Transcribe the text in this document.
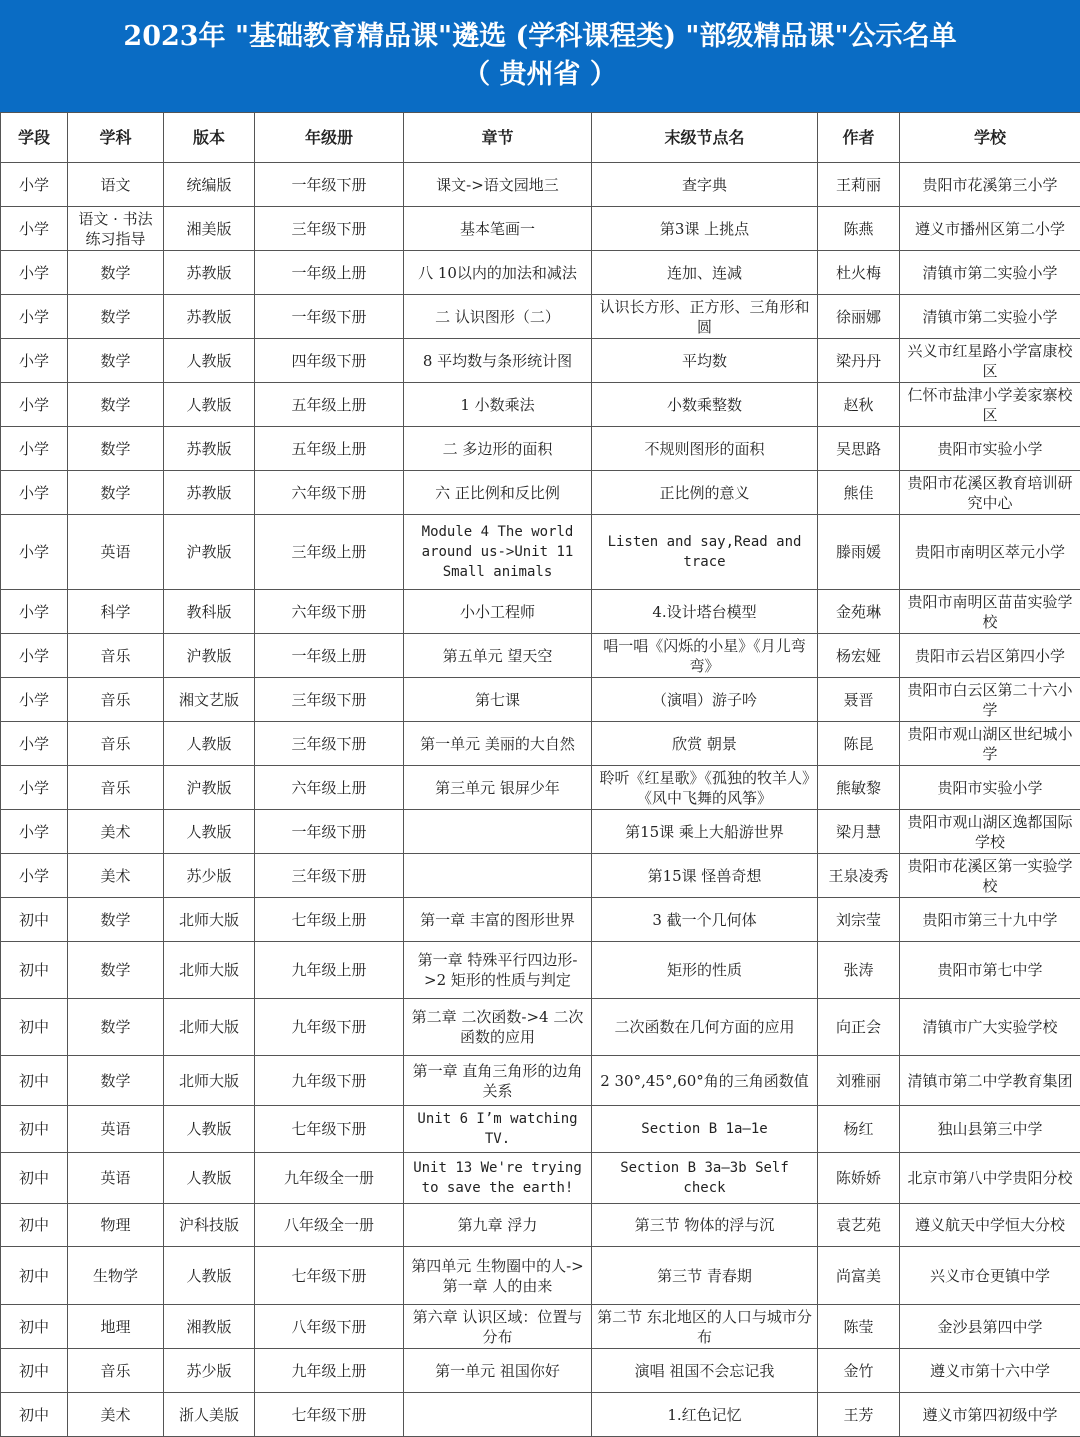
2023年 "基础教育精品课"遴选 (学科课程类) "部级精品课"公示名单
（ 贵州省 ）
学段	学科	版本	年级册	章节	末级节点名	作者	学校
小学	语文	统编版	一年级下册	课文->语文园地三	查字典	王莉丽	贵阳市花溪第三小学
小学	语文 · 书法练习指导	湘美版	三年级下册	基本笔画一	第3课 上挑点	陈燕	遵义市播州区第二小学
小学	数学	苏教版	一年级上册	八 10以内的加法和减法	连加、连减	杜火梅	清镇市第二实验小学
小学	数学	苏教版	一年级下册	二 认识图形（二）	认识长方形、正方形、三角形和圆	徐丽娜	清镇市第二实验小学
小学	数学	人教版	四年级下册	8 平均数与条形统计图	平均数	梁丹丹	兴义市红星路小学富康校区
小学	数学	人教版	五年级上册	1 小数乘法	小数乘整数	赵秋	仁怀市盐津小学姜家寨校区
小学	数学	苏教版	五年级上册	二 多边形的面积	不规则图形的面积	吴思路	贵阳市实验小学
小学	数学	苏教版	六年级下册	六 正比例和反比例	正比例的意义	熊佳	贵阳市花溪区教育培训研究中心
小学	英语	沪教版	三年级上册	Module 4 The world around us->Unit 11 Small animals	Listen and say,Read and trace	滕雨媛	贵阳市南明区萃元小学
小学	科学	教科版	六年级下册	小小工程师	4.设计塔台模型	金苑琳	贵阳市南明区苗苗实验学校
小学	音乐	沪教版	一年级上册	第五单元 望天空	唱一唱《闪烁的小星》《月儿弯弯》	杨宏娅	贵阳市云岩区第四小学
小学	音乐	湘文艺版	三年级下册	第七课	（演唱）游子吟	聂晋	贵阳市白云区第二十六小学
小学	音乐	人教版	三年级下册	第一单元 美丽的大自然	欣赏 朝景	陈昆	贵阳市观山湖区世纪城小学
小学	音乐	沪教版	六年级上册	第三单元 银屏少年	聆听《红星歌》《孤独的牧羊人》《风中飞舞的风筝》	熊敏黎	贵阳市实验小学
小学	美术	人教版	一年级下册		第15课 乘上大船游世界	梁月慧	贵阳市观山湖区逸都国际学校
小学	美术	苏少版	三年级下册		第15课 怪兽奇想	王泉凌秀	贵阳市花溪区第一实验学校
初中	数学	北师大版	七年级上册	第一章 丰富的图形世界	3 截一个几何体	刘宗莹	贵阳市第三十九中学
初中	数学	北师大版	九年级上册	第一章 特殊平行四边形->2 矩形的性质与判定	矩形的性质	张涛	贵阳市第七中学
初中	数学	北师大版	九年级下册	第二章 二次函数->4 二次函数的应用	二次函数在几何方面的应用	向正会	清镇市广大实验学校
初中	数学	北师大版	九年级下册	第一章 直角三角形的边角关系	2 30°,45°,60°角的三角函数值	刘雅丽	清镇市第二中学教育集团
初中	英语	人教版	七年级下册	Unit 6 I’m watching TV.	Section B 1a—1e	杨红	独山县第三中学
初中	英语	人教版	九年级全一册	Unit 13 We're trying to save the earth!	Section B 3a—3b Self check	陈娇娇	北京市第八中学贵阳分校
初中	物理	沪科技版	八年级全一册	第九章 浮力	第三节 物体的浮与沉	袁艺苑	遵义航天中学恒大分校
初中	生物学	人教版	七年级下册	第四单元 生物圈中的人->第一章 人的由来	第三节 青春期	尚富美	兴义市仓更镇中学
初中	地理	湘教版	八年级下册	第六章 认识区域：位置与分布	第二节 东北地区的人口与城市分布	陈莹	金沙县第四中学
初中	音乐	苏少版	九年级上册	第一单元 祖国你好	演唱 祖国不会忘记我	金竹	遵义市第十六中学
初中	美术	浙人美版	七年级下册		1.红色记忆	王芳	遵义市第四初级中学
